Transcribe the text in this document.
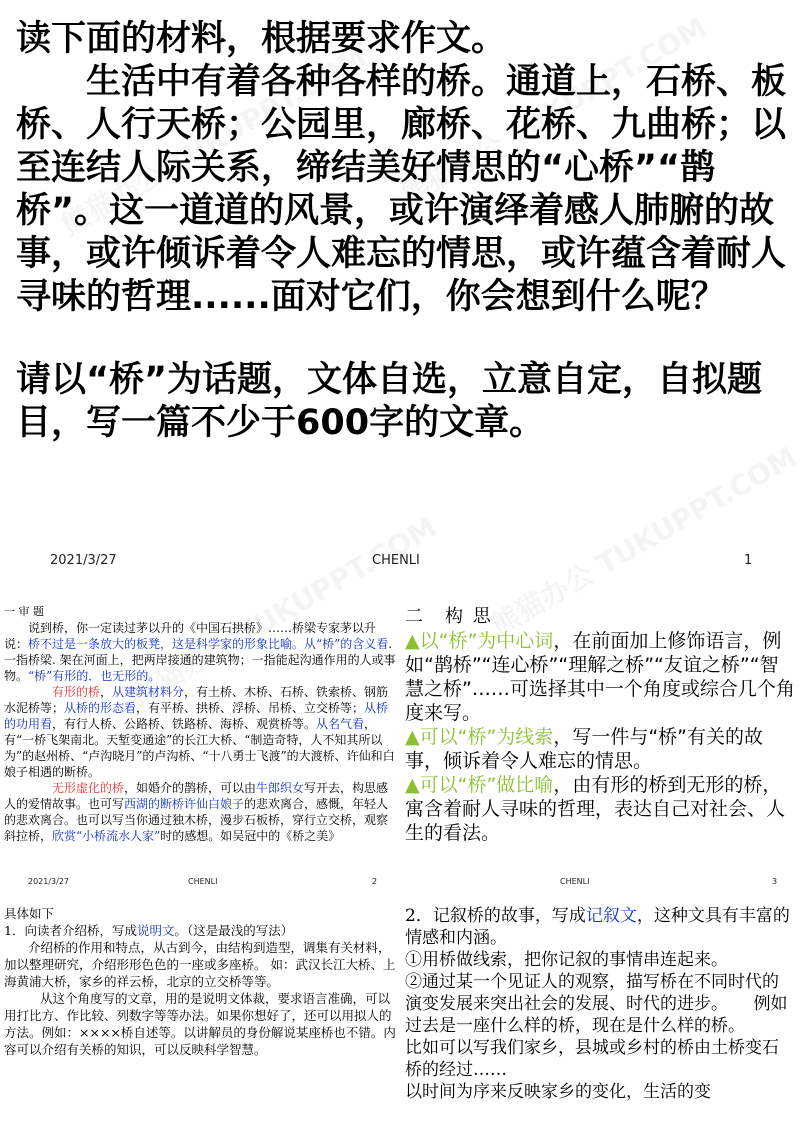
读下面的材料，根据要求作文。

生活中有着各种各样的桥。通道上，石桥、板桥、人行天桥；公园里，廊桥、花桥、九曲桥；以至连结人际关系，缔结美好情思的“心桥”“鹊桥”。这一道道的风景，或许演绎着感人肺腑的故事，或许倾诉着令人难忘的情思，或许蕴含着耐人寻味的哲理......面对它们，你会想到什么呢？

请以“桥”为话题，文体自选，立意自定，自拟题目，写一篇不少于600字的文章。

2021/3/27	CHENLI	1

一 审 题

说到桥，你一定读过茅以升的《中国石拱桥》……桥梁专家茅以升说：桥不过是一条放大的板凳，这是科学家的形象比喻。从“桥”的含义看. 一指桥梁. 架在河面上，把两岸接通的建筑物；一指能起沟通作用的人或事物。“桥”有形的．也无形的。

有形的桥，从建筑材料分，有土桥、木桥、石桥、铁索桥、钢筋水泥桥等；从桥的形态看，有平桥、拱桥、浮桥、吊桥、立交桥等；从桥的功用看，有行人桥、公路桥、铁路桥、海桥、观赏桥等。从名气看，有“一桥飞架南北。天堑变通途”的长江大桥、“制造奇特，人不知其所以为”的赵州桥、“卢沟晓月”的卢沟桥、“十八勇士飞渡”的大渡桥、许仙和白娘子相遇的断桥。

无形虚化的桥，如婚介的鹊桥，可以由牛郎织女写开去，构思感人的爱情故事。也可写西湖的断桥许仙白娘子的悲欢离合，感慨，年轻人的悲欢离合。也可以写当你通过独木桥，漫步石板桥，穿行立交桥，观察斜拉桥，欣赏“小桥流水人家”时的感想。如吴冠中的《桥之美》

2021/3/27	CHENLI	2

二　构 思

▲以“桥”为中心词，在前面加上修饰语言，例如“鹊桥”“连心桥”“理解之桥”“友谊之桥”“智慧之桥”……可选择其中一个角度或综合几个角度来写。

▲可以“桥”为线索，写一件与“桥”有关的故事，倾诉着令人难忘的情思。

▲可以“桥”做比喻，由有形的桥到无形的桥，寓含着耐人寻味的哲理，表达自己对社会、人生的看法。

CHENLI	3

具体如下

1．向读者介绍桥，写成说明文。（这是最浅的写法）

介绍桥的作用和特点，从古到今，由结构到造型，调集有关材料，加以整理研究，介绍形形色色的一座或多座桥。 如：武汉长江大桥、上海黄浦大桥，家乡的祥云桥，北京的立交桥等等。

从这个角度写的文章，用的是说明文体裁，要求语言准确，可以用打比方、作比较、列数字等等办法。如果你想好了，还可以用拟人的方法。例如：××××桥自述等。以讲解员的身份解说某座桥也不错。内容可以介绍有关桥的知识，可以反映科学智慧。

2．记叙桥的故事，写成记叙文，这种文具有丰富的情感和内涵。

①用桥做线索，把你记叙的事情串连起来。

②通过某一个见证人的观察，描写桥在不同时代的演变发展来突出社会的发展、时代的进步。　　例如过去是一座什么样的桥，现在是什么样的桥。

比如可以写我们家乡，县城或乡村的桥由土桥变石桥的经过……

以时间为序来反映家乡的变化，生活的变
